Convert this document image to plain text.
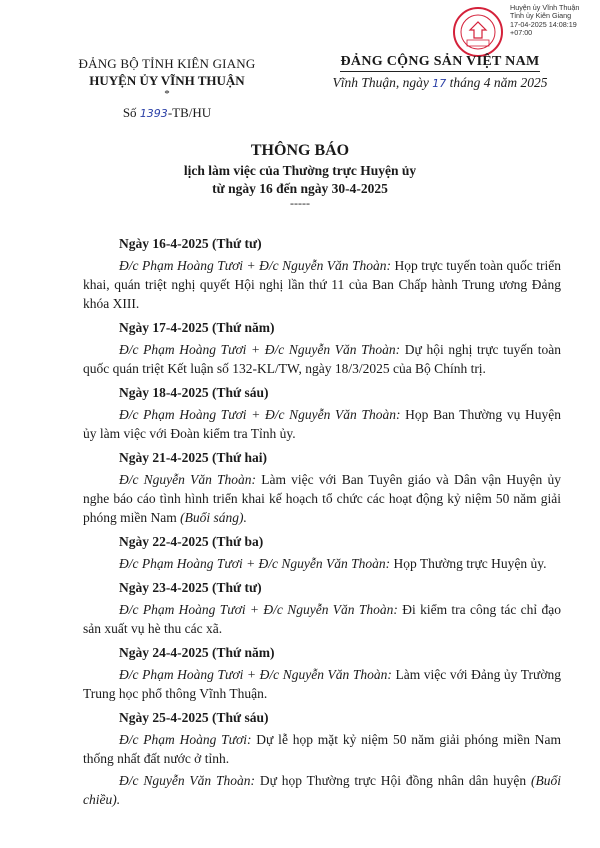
Huyện ủy Vĩnh Thuận
Tỉnh ủy Kiên Giang
17-04-2025 14:08:19
+07:00
ĐẢNG BỘ TỈNH KIÊN GIANG
HUYỆN ỦY VĨNH THUẬN
*
Số 1393-TB/HU
ĐẢNG CỘNG SẢN VIỆT NAM
Vĩnh Thuận, ngày 17 tháng 4 năm 2025
THÔNG BÁO
lịch làm việc của Thường trực Huyện ủy
từ ngày 16 đến ngày 30-4-2025
-----
Ngày 16-4-2025 (Thứ tư)

Đ/c Phạm Hoàng Tươi + Đ/c Nguyễn Văn Thoàn: Họp trực tuyến toàn quốc triển khai, quán triệt nghị quyết Hội nghị lần thứ 11 của Ban Chấp hành Trung ương Đảng khóa XIII.

Ngày 17-4-2025 (Thứ năm)

Đ/c Phạm Hoàng Tươi + Đ/c Nguyễn Văn Thoàn: Dự hội nghị trực tuyến toàn quốc quán triệt Kết luận số 132-KL/TW, ngày 18/3/2025 của Bộ Chính trị.

Ngày 18-4-2025 (Thứ sáu)

Đ/c Phạm Hoàng Tươi + Đ/c Nguyễn Văn Thoàn: Họp Ban Thường vụ Huyện ủy làm việc với Đoàn kiểm tra Tỉnh ủy.

Ngày 21-4-2025 (Thứ hai)

Đ/c Nguyễn Văn Thoàn: Làm việc với Ban Tuyên giáo và Dân vận Huyện ủy nghe báo cáo tình hình triển khai kế hoạch tổ chức các hoạt động kỷ niệm 50 năm giải phóng miền Nam (Buổi sáng).

Ngày 22-4-2025 (Thứ ba)

Đ/c Phạm Hoàng Tươi + Đ/c Nguyễn Văn Thoàn: Họp Thường trực Huyện ủy.

Ngày 23-4-2025 (Thứ tư)

Đ/c Phạm Hoàng Tươi + Đ/c Nguyễn Văn Thoàn: Đi kiểm tra công tác chỉ đạo sản xuất vụ hè thu các xã.

Ngày 24-4-2025 (Thứ năm)

Đ/c Phạm Hoàng Tươi + Đ/c Nguyễn Văn Thoàn: Làm việc với Đảng ủy Trường Trung học phổ thông Vĩnh Thuận.

Ngày 25-4-2025 (Thứ sáu)

Đ/c Phạm Hoàng Tươi: Dự lễ họp mặt kỷ niệm 50 năm giải phóng miền Nam thống nhất đất nước ở tỉnh.

Đ/c Nguyễn Văn Thoàn: Dự họp Thường trực Hội đồng nhân dân huyện (Buổi chiều).
